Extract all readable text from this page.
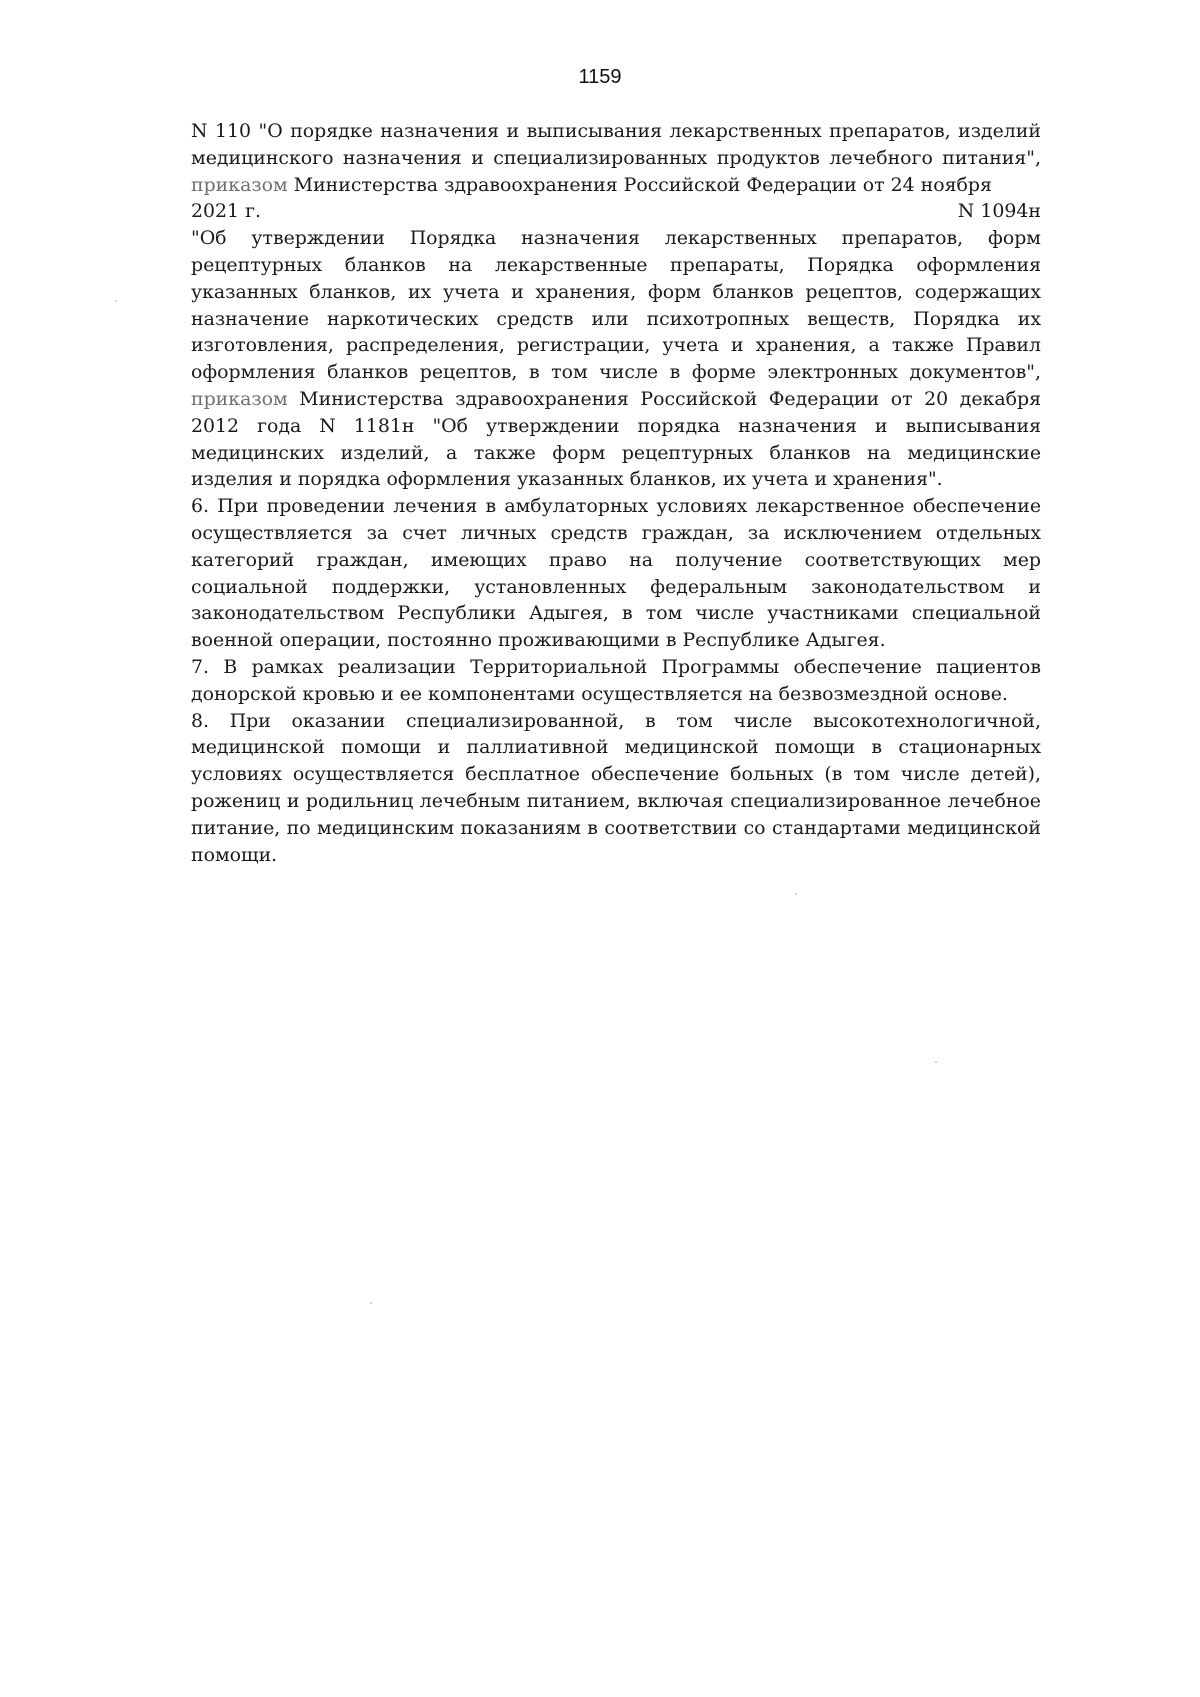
1159

N 110 "О порядке назначения и выписывания лекарственных препаратов, изделий медицинского назначения и специализированных продуктов лечебного питания", приказом Министерства здравоохранения Российской Федерации от 24 ноября

2021 г.	N 1094н

"Об утверждении Порядка назначения лекарственных препаратов, форм рецептурных бланков на лекарственные препараты, Порядка оформления указанных бланков, их учета и хранения, форм бланков рецептов, содержащих назначение наркотических средств или психотропных веществ, Порядка их изготовления, распределения, регистрации, учета и хранения, а также Правил оформления бланков рецептов, в том числе в форме электронных документов", приказом Министерства здравоохранения Российской Федерации от 20 декабря 2012 года N 1181н "Об утверждении порядка назначения и выписывания медицинских изделий, а также форм рецептурных бланков на медицинские изделия и порядка оформления указанных бланков, их учета и хранения".

6. При проведении лечения в амбулаторных условиях лекарственное обеспечение осуществляется за счет личных средств граждан, за исключением отдельных категорий граждан, имеющих право на получение соответствующих мер социальной поддержки, установленных федеральным законодательством и законодательством Республики Адыгея, в том числе участниками специальной военной операции, постоянно проживающими в Республике Адыгея.

7. В рамках реализации Территориальной Программы обеспечение пациентов донорской кровью и ее компонентами осуществляется на безвозмездной основе.

8. При оказании специализированной, в том числе высокотехнологичной, медицинской помощи и паллиативной медицинской помощи в стационарных условиях осуществляется бесплатное обеспечение больных (в том числе детей), рожениц и родильниц лечебным питанием, включая специализированное лечебное питание, по медицинским показаниям в соответствии со стандартами медицинской помощи.
